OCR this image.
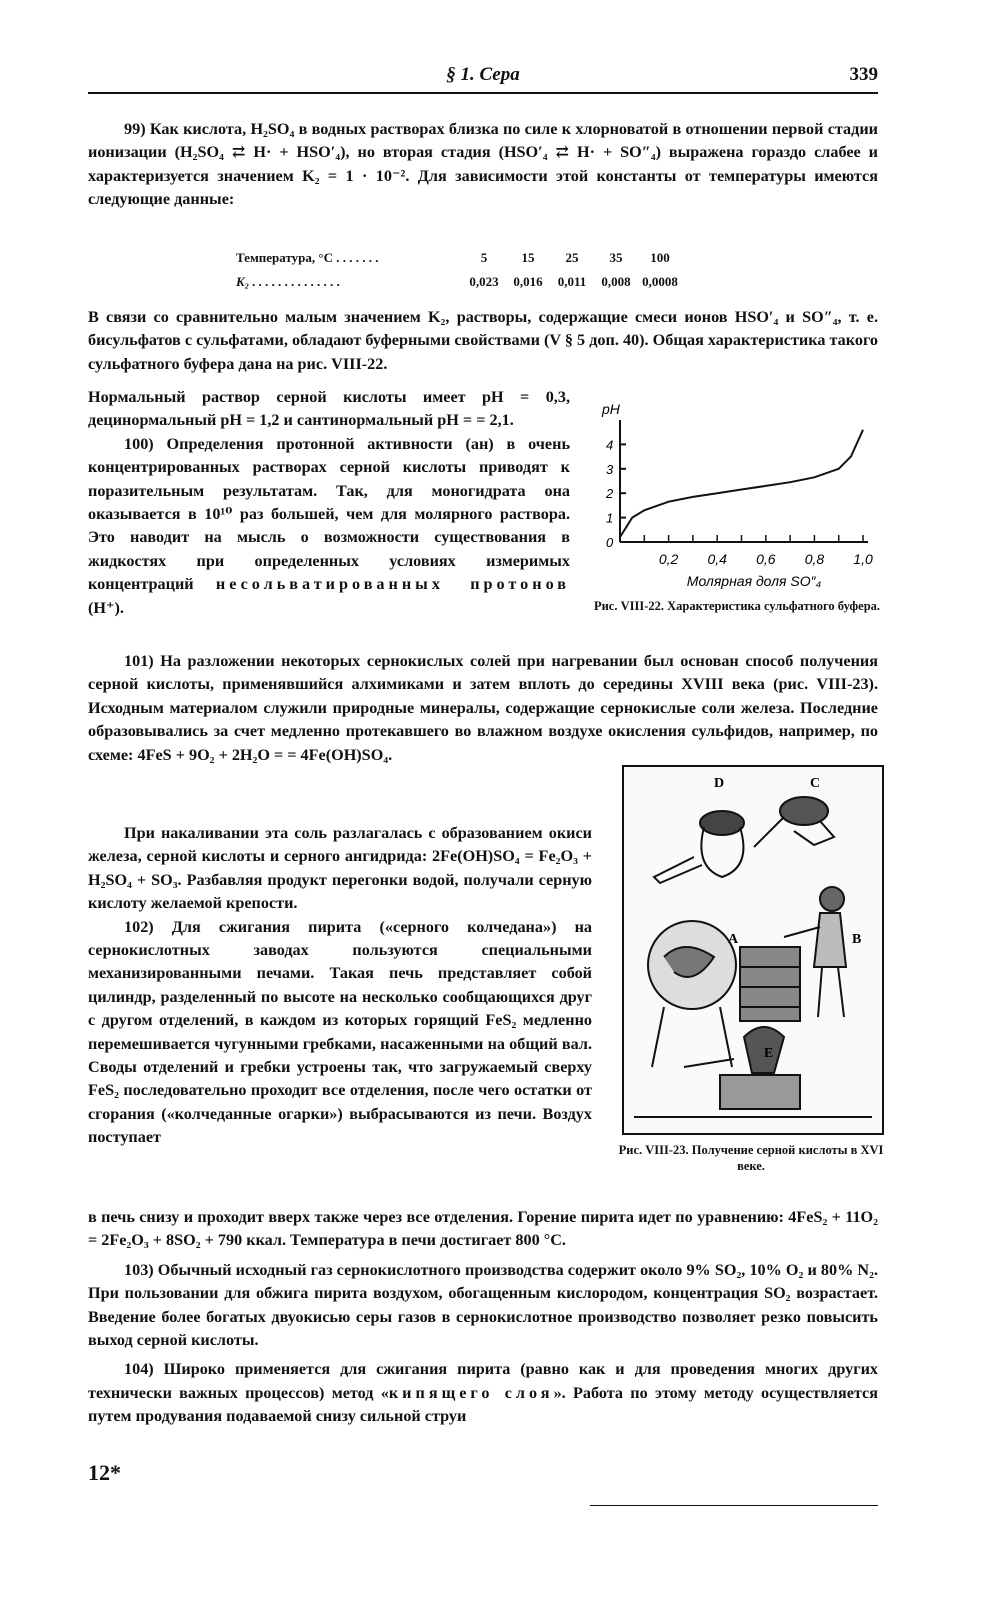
§ 1. Сера	339

99) Как кислота, H₂SO₄ в водных растворах близка по силе к хлорноватой в отношении первой стадии ионизации (H₂SO₄ ⇄ H· + HSO′₄), но вторая стадия (HSO′₄ ⇄ H· + SO″₄) выражена гораздо слабее и характеризуется значением K₂ = 1 · 10⁻². Для зависимости этой константы от температуры имеются следующие данные:

Температура, °С . . . . . . .	5	15	25	35	100
K₂ . . . . . . . . . . . . . .	0,023	0,016	0,011	0,008	0,0008

В связи со сравнительно малым значением K₂, растворы, содержащие смеси ионов HSO′₄ и SO″₄, т. е. бисульфатов с сульфатами, обладают буферными свойствами (V § 5 доп. 40). Общая характеристика такого сульфатного буфера дана на рис. VIII-22.

Нормальный раствор серной кислоты имеет pH = 0,3, децинормальный pH = 1,2 и сантинормальный pH = = 2,1.

100) Определения протонной активности (aн) в очень концентрированных растворах серной кислоты приводят к поразительным результатам. Так, для моногидрата она оказывается в 10¹⁰ раз большей, чем для молярного раствора. Это наводит на мысль о возможности существования в жидкостях при определенных условиях измеримых концентраций несольватированных протонов (H⁺).

pH
0
1
2
3
4
0,2 0,4 0,6 0,8 1,0
Молярная доля SO″₄
Рис. VIII-22. Характеристика сульфатного буфера.

101) На разложении некоторых сернокислых солей при нагревании был основан способ получения серной кислоты, применявшийся алхимиками и затем вплоть до середины XVIII века (рис. VIII-23). Исходным материалом служили природные минералы, содержащие сернокислые соли железа. Последние образовывались за счет медленно протекавшего во влажном воздухе окисления сульфидов, например, по схеме: 4FeS + 9O₂ + 2H₂O = = 4Fe(OH)SO₄.

При накаливании эта соль разлагалась с образованием окиси железа, серной кислоты и серного ангидрида: 2Fe(OH)SO₄ = Fe₂O₃ + H₂SO₄ + SO₃. Разбавляя продукт перегонки водой, получали серную кислоту желаемой крепости.

102) Для сжигания пирита («серного колчедана») на сернокислотных заводах пользуются специальными механизированными печами. Такая печь представляет собой цилиндр, разделенный по высоте на несколько сообщающихся друг с другом отделений, в каждом из которых горящий FeS₂ медленно перемешивается чугунными гребками, насаженными на общий вал. Своды отделений и гребки устроены так, что загружаемый сверху FeS₂ последовательно проходит все отделения, после чего остатки от сгорания («колчеданные огарки») выбрасываются из печи. Воздух поступает

D	C
A	B
E
Рис. VIII-23. Получение серной кислоты в XVI веке.

в печь снизу и проходит вверх также через все отделения. Горение пирита идет по уравнению: 4FeS₂ + 11O₂ = 2Fe₂O₃ + 8SO₂ + 790 ккал. Температура в печи достигает 800 °С.

103) Обычный исходный газ сернокислотного производства содержит около 9% SO₂, 10% O₂ и 80% N₂. При пользовании для обжига пирита воздухом, обогащенным кислородом, концентрация SO₂ возрастает. Введение более богатых двуокисью серы газов в сернокислотное производство позволяет резко повысить выход серной кислоты.

104) Широко применяется для сжигания пирита (равно как и для проведения многих других технически важных процессов) метод «кипящего слоя». Работа по этому методу осуществляется путем продувания подаваемой снизу сильной струи

12*
